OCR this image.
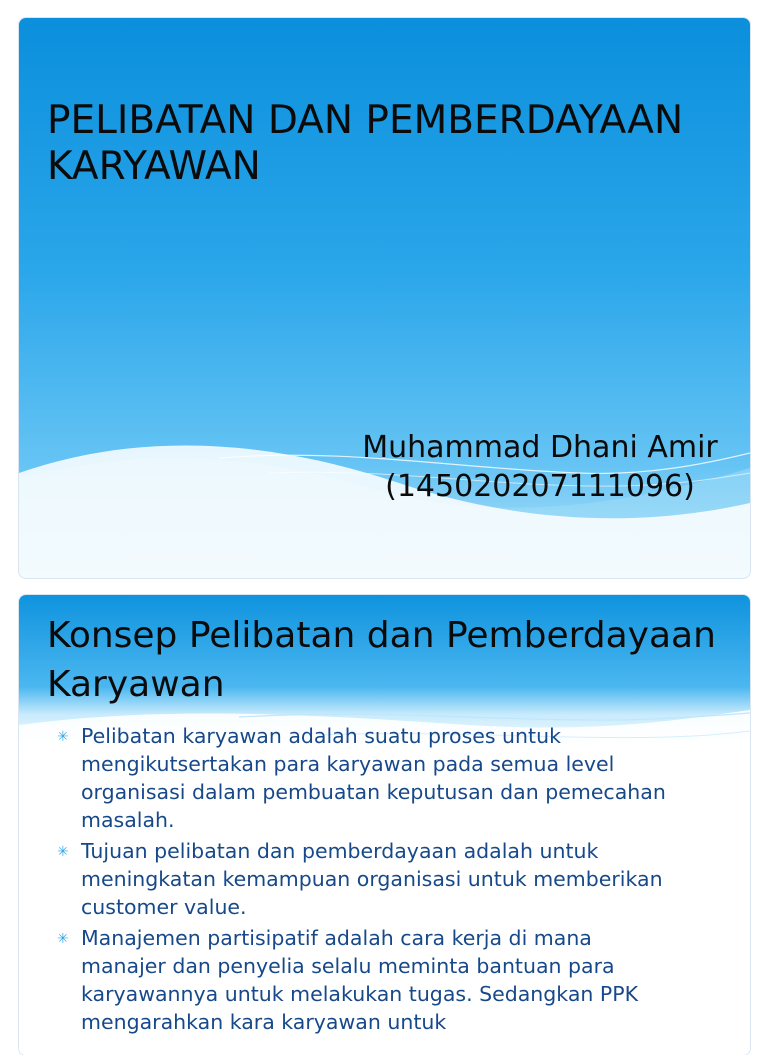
PELIBATAN DAN PEMBERDAYAAN KARYAWAN
Muhammad Dhani Amir
(145020207111096)
Konsep Pelibatan dan Pemberdayaan Karyawan
✳ Pelibatan karyawan adalah suatu proses untuk mengikutsertakan para karyawan pada semua level organisasi dalam pembuatan keputusan dan pemecahan masalah.
✳ Tujuan pelibatan dan pemberdayaan adalah untuk meningkatan kemampuan organisasi untuk memberikan customer value.
✳ Manajemen partisipatif adalah cara kerja di mana manajer dan penyelia selalu meminta bantuan para karyawannya untuk melakukan tugas. Sedangkan PPK mengarahkan kara karyawan untuk
